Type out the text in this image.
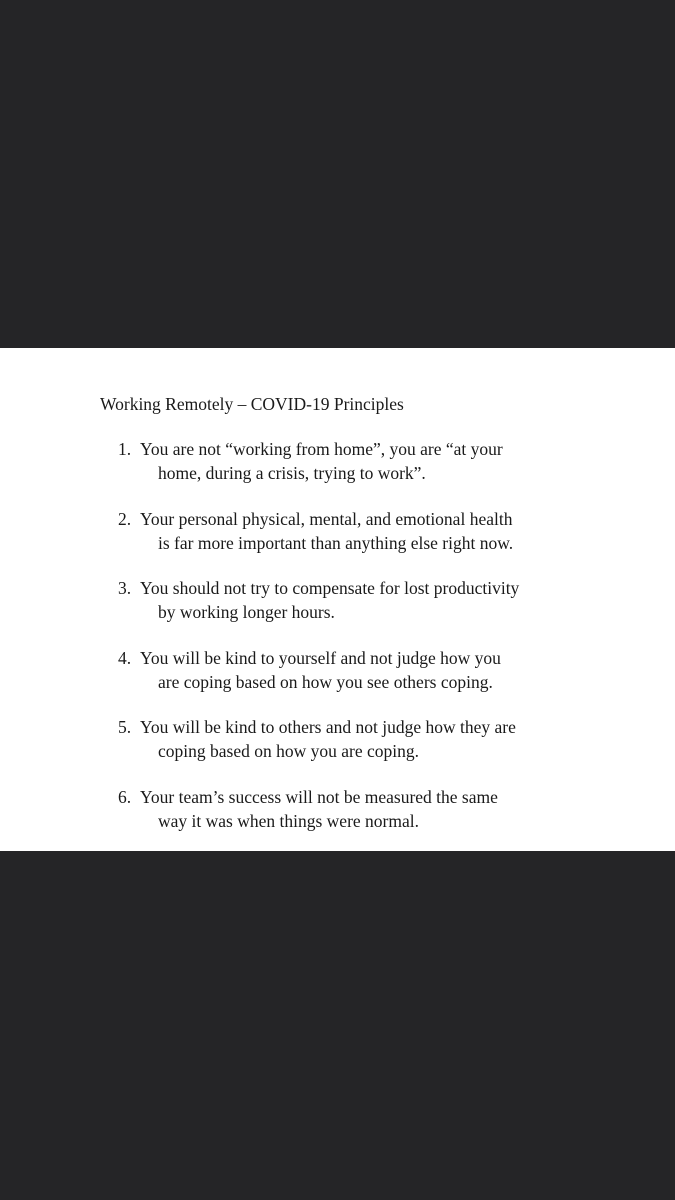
Working Remotely – COVID-19 Principles
1. You are not “working from home”, you are “at your
home, during a crisis, trying to work”.
2. Your personal physical, mental, and emotional health
is far more important than anything else right now.
3. You should not try to compensate for lost productivity
by working longer hours.
4. You will be kind to yourself and not judge how you
are coping based on how you see others coping.
5. You will be kind to others and not judge how they are
coping based on how you are coping.
6. Your team’s success will not be measured the same
way it was when things were normal.
